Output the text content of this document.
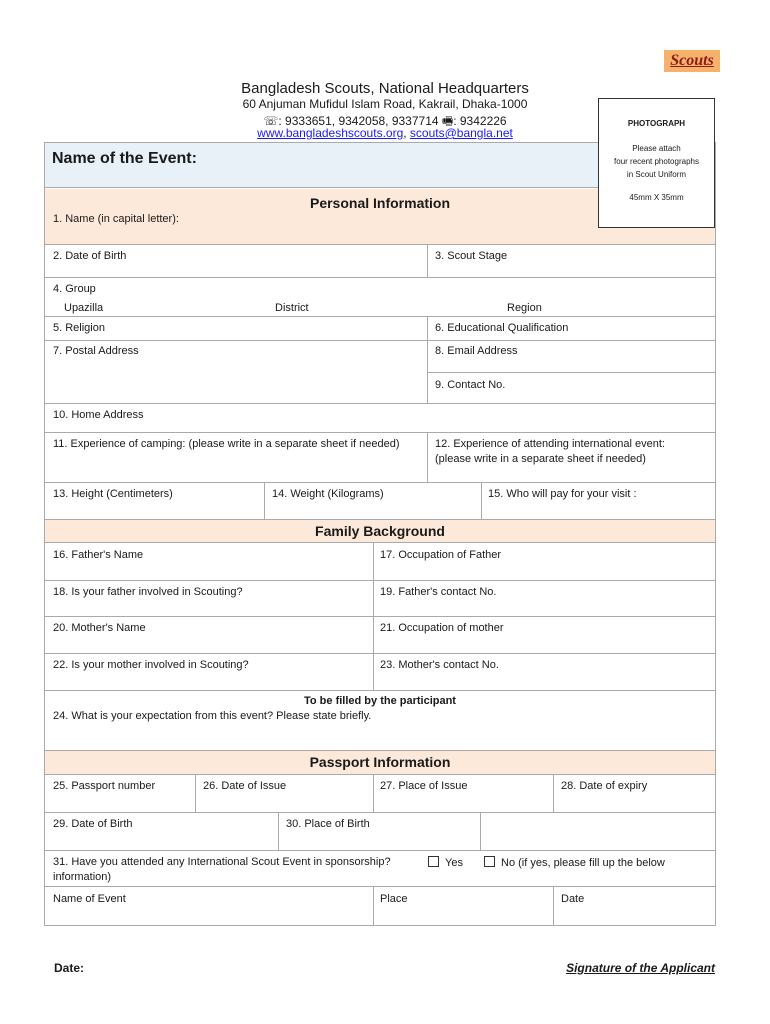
Scouts
Bangladesh Scouts, National Headquarters
60 Anjuman Mufidul Islam Road, Kakrail, Dhaka-1000
☏: 9333651, 9342058, 9337714 🖷: 9342226
www.bangladeshscouts.org, scouts@bangla.net
PHOTOGRAPH
Please attach
four recent photographs
in Scout Uniform
45mm X 35mm
Name of the Event:
Personal Information
1. Name (in capital letter):
2. Date of Birth	3. Scout Stage
4. Group
Upazilla	District	Region
5. Religion	6. Educational Qualification
7. Postal Address	8. Email Address
9. Contact No.
10. Home Address
11. Experience of camping: (please write in a separate sheet if needed)	12. Experience of attending international event:
(please write in a separate sheet if needed)
13. Height (Centimeters)	14. Weight (Kilograms)	15. Who will pay for your visit :
Family Background
16. Father's Name	17. Occupation of Father
18. Is your father involved in Scouting?	19. Father's contact No.
20. Mother's Name	21. Occupation of mother
22. Is your mother involved in Scouting?	23. Mother's contact No.
To be filled by the participant
24. What is your expectation from this event? Please state briefly.
Passport Information
25. Passport number	26. Date of Issue	27. Place of Issue	28. Date of expiry
29. Date of Birth	30. Place of Birth
31. Have you attended any International Scout Event in sponsorship?	Yes	No (if yes, please fill up the below
information)
Name of Event	Place	Date
Date:	Signature of the Applicant
